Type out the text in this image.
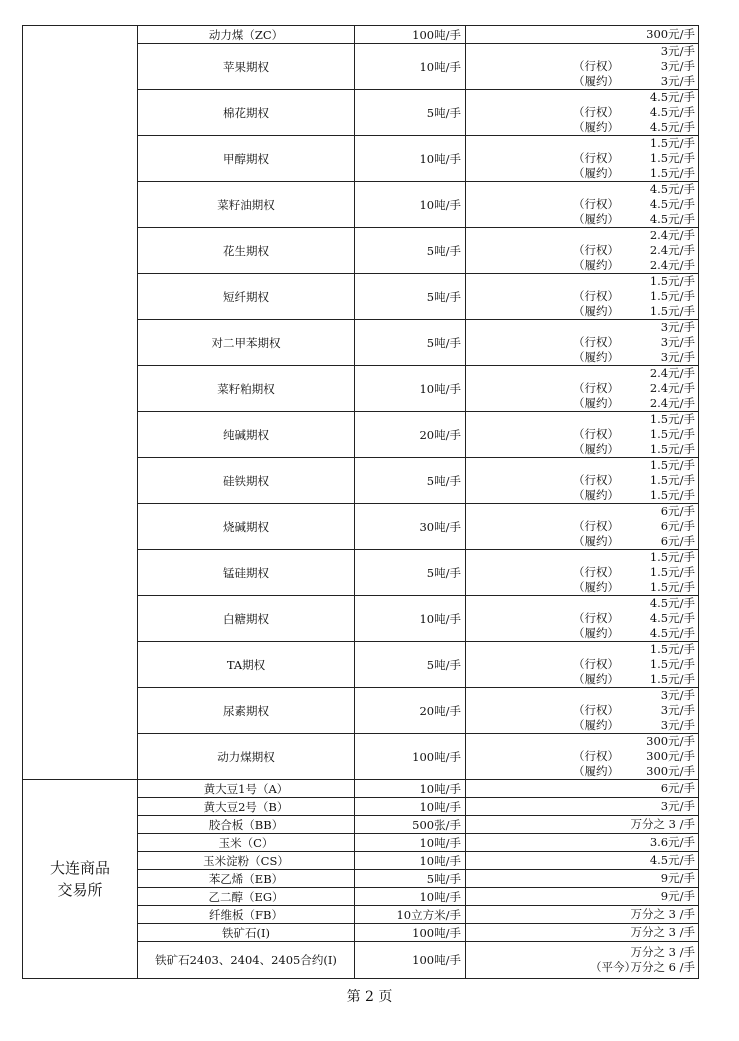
	动力煤（ZC）	100吨/手	300元/手

	苹果期权	10吨/手	3元/手
（行权） 3元/手
（履约） 3元/手

	棉花期权	5吨/手	4.5元/手
（行权） 4.5元/手
（履约） 4.5元/手

	甲醇期权	10吨/手	1.5元/手
（行权） 1.5元/手
（履约） 1.5元/手

	菜籽油期权	10吨/手	4.5元/手
（行权） 4.5元/手
（履约） 4.5元/手

	花生期权	5吨/手	2.4元/手
（行权） 2.4元/手
（履约） 2.4元/手

	短纤期权	5吨/手	1.5元/手
（行权） 1.5元/手
（履约） 1.5元/手

	对二甲苯期权	5吨/手	3元/手
（行权） 3元/手
（履约） 3元/手

	菜籽粕期权	10吨/手	2.4元/手
（行权） 2.4元/手
（履约） 2.4元/手

	纯碱期权	20吨/手	1.5元/手
（行权） 1.5元/手
（履约） 1.5元/手

	硅铁期权	5吨/手	1.5元/手
（行权） 1.5元/手
（履约） 1.5元/手

	烧碱期权	30吨/手	6元/手
（行权） 6元/手
（履约） 6元/手

	锰硅期权	5吨/手	1.5元/手
（行权） 1.5元/手
（履约） 1.5元/手

	白糖期权	10吨/手	4.5元/手
（行权） 4.5元/手
（履约） 4.5元/手

	TA期权	5吨/手	1.5元/手
（行权） 1.5元/手
（履约） 1.5元/手

	尿素期权	20吨/手	3元/手
（行权） 3元/手
（履约） 3元/手

	动力煤期权	100吨/手	300元/手
（行权） 300元/手
（履约） 300元/手

大连商品交易所	黄大豆1号（A）	10吨/手	6元/手

	黄大豆2号（B）	10吨/手	3元/手

	胶合板（BB）	500张/手	万分之 3 /手

	玉米（C）	10吨/手	3.6元/手

	玉米淀粉（CS）	10吨/手	4.5元/手

	苯乙烯（EB）	5吨/手	9元/手

	乙二醇（EG）	10吨/手	9元/手

	纤维板（FB）	10立方米/手	万分之 3 /手

	铁矿石(I)	100吨/手	万分之 3 /手

	铁矿石2403、2404、2405合约(I)	100吨/手	万分之 3 /手
（平今）
万分之 6 /手
第 2 页
